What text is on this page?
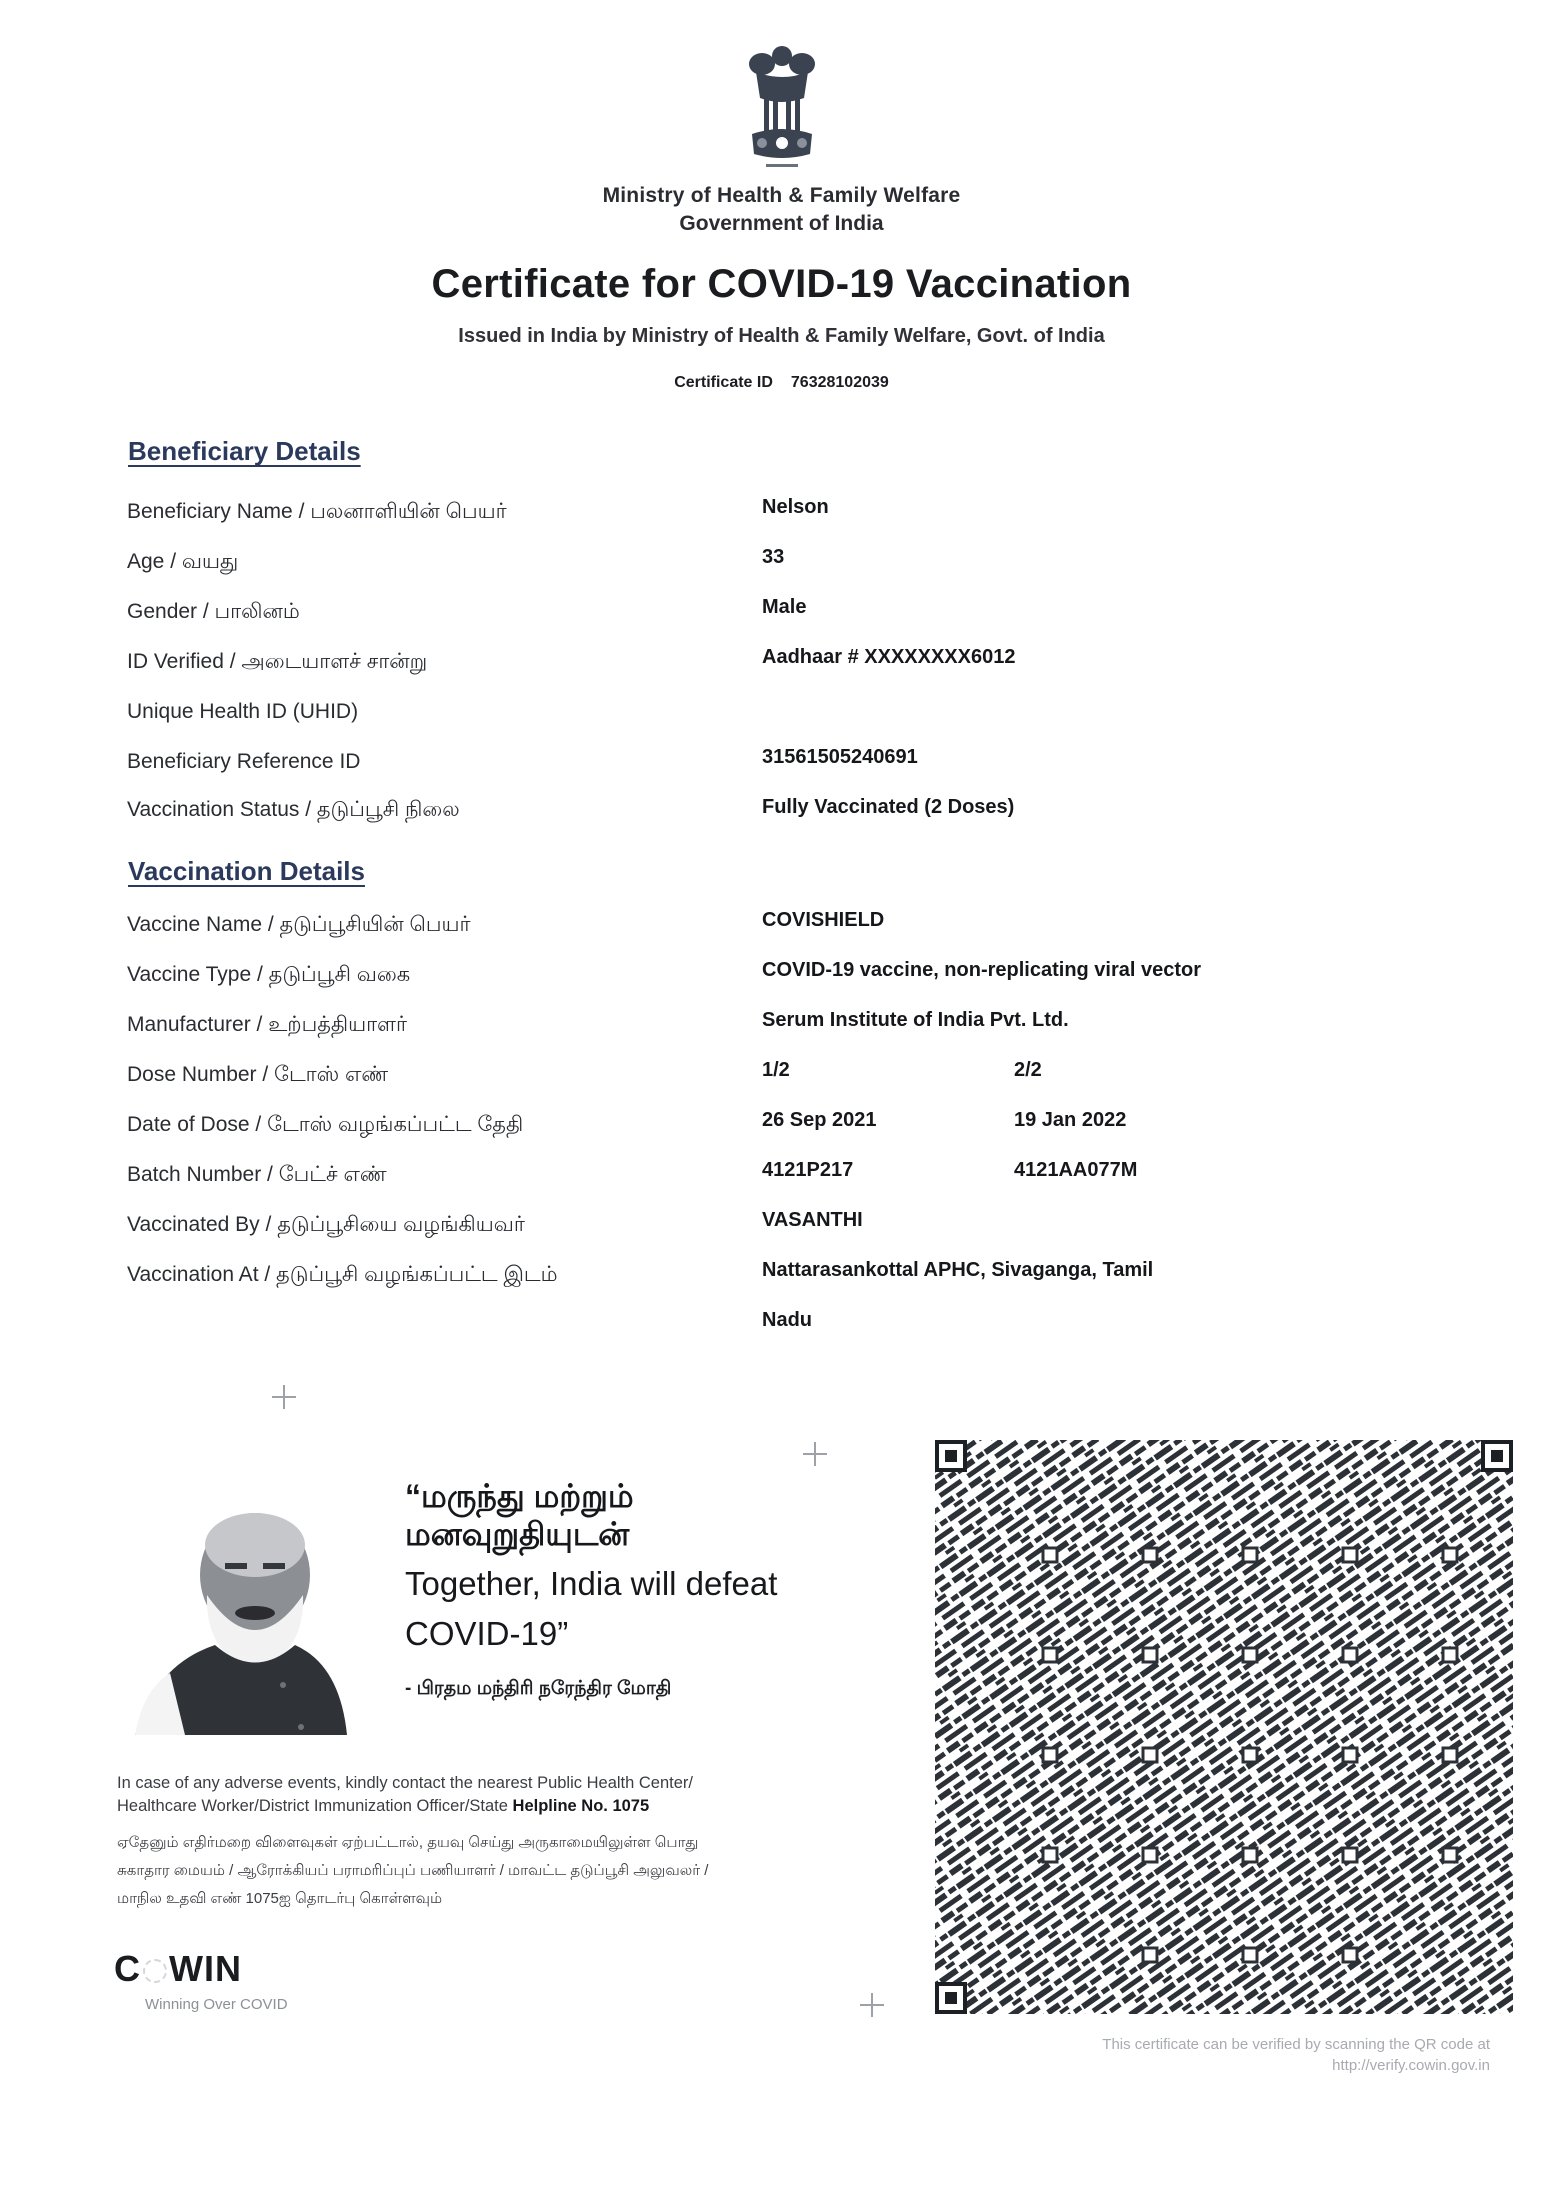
Ministry of Health & Family Welfare
Government of India
Certificate for COVID-19 Vaccination
Issued in India by Ministry of Health & Family Welfare, Govt. of India
Certificate ID 76328102039
Beneficiary Details
Beneficiary Name / பலனாளியின் பெயர்	Nelson
Age / வயது	33
Gender / பாலினம்	Male
ID Verified / அடையாளச் சான்று	Aadhaar # XXXXXXXX6012
Unique Health ID (UHID)
Beneficiary Reference ID	31561505240691
Vaccination Status / தடுப்பூசி நிலை	Fully Vaccinated (2 Doses)
Vaccination Details
Vaccine Name / தடுப்பூசியின் பெயர்	COVISHIELD
Vaccine Type / தடுப்பூசி வகை	COVID-19 vaccine, non-replicating viral vector
Manufacturer / உற்பத்தியாளர்	Serum Institute of India Pvt. Ltd.
Dose Number / டோஸ் எண்	1/2	2/2
Date of Dose / டோஸ் வழங்கப்பட்ட தேதி	26 Sep 2021	19 Jan 2022
Batch Number / பேட்ச் எண்	4121P217	4121AA077M
Vaccinated By / தடுப்பூசியை வழங்கியவர்	VASANTHI
Vaccination At / தடுப்பூசி வழங்கப்பட்ட இடம்	Nattarasankottal APHC, Sivaganga, Tamil
Nadu
“மருந்து மற்றும்
மனவுறுதியுடன்
Together, India will defeat
COVID-19”
- பிரதம மந்திரி நரேந்திர மோதி
In case of any adverse events, kindly contact the nearest Public Health Center/
Healthcare Worker/District Immunization Officer/State Helpline No. 1075
ஏதேனும் எதிர்மறை விளைவுகள் ஏற்பட்டால், தயவு செய்து அருகாமையிலுள்ள பொது
சுகாதார மையம் / ஆரோக்கியப் பராமரிப்புப் பணியாளர் / மாவட்ட தடுப்பூசி அலுவலர் /
மாநில உதவி எண் 1075ஐ தொடர்பு கொள்ளவும்
C WIN
Winning Over COVID
This certificate can be verified by scanning the QR code at
http://verify.cowin.gov.in
